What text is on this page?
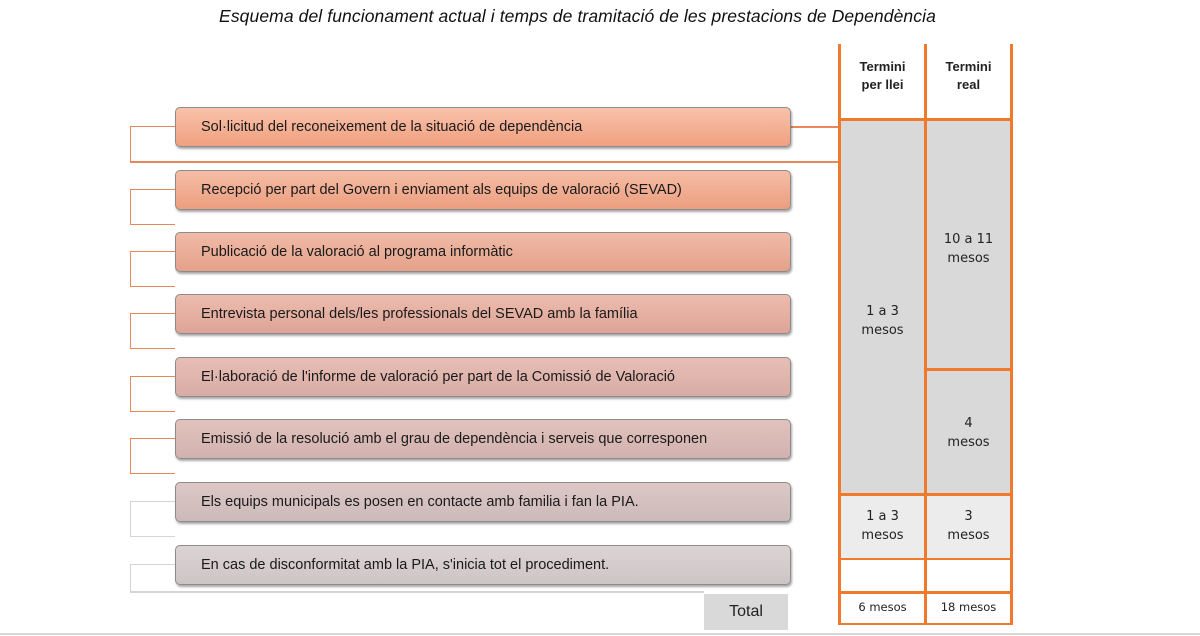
Esquema del funcionament actual i temps de tramitació de les prestacions de Dependència
Termini
per llei
Termini
real
Sol·licitud del reconeixement de la situació de dependència
Recepció per part del Govern i enviament als equips de valoració (SEVAD)
Publicació de la valoració al programa informàtic
Entrevista personal dels/les professionals del SEVAD amb la família
El·laboració de l'informe de valoració per part de la Comissió de Valoració
Emissió de la resolució amb el grau de dependència i serveis que corresponen
Els equips municipals es posen en contacte amb familia i fan la PIA.
En cas de disconformitat amb la PIA, s'inicia tot el procediment.
1 a 3
mesos
10 a 11
mesos
4
mesos
1 a 3
mesos
3
mesos
Total	6 mesos	18 mesos
